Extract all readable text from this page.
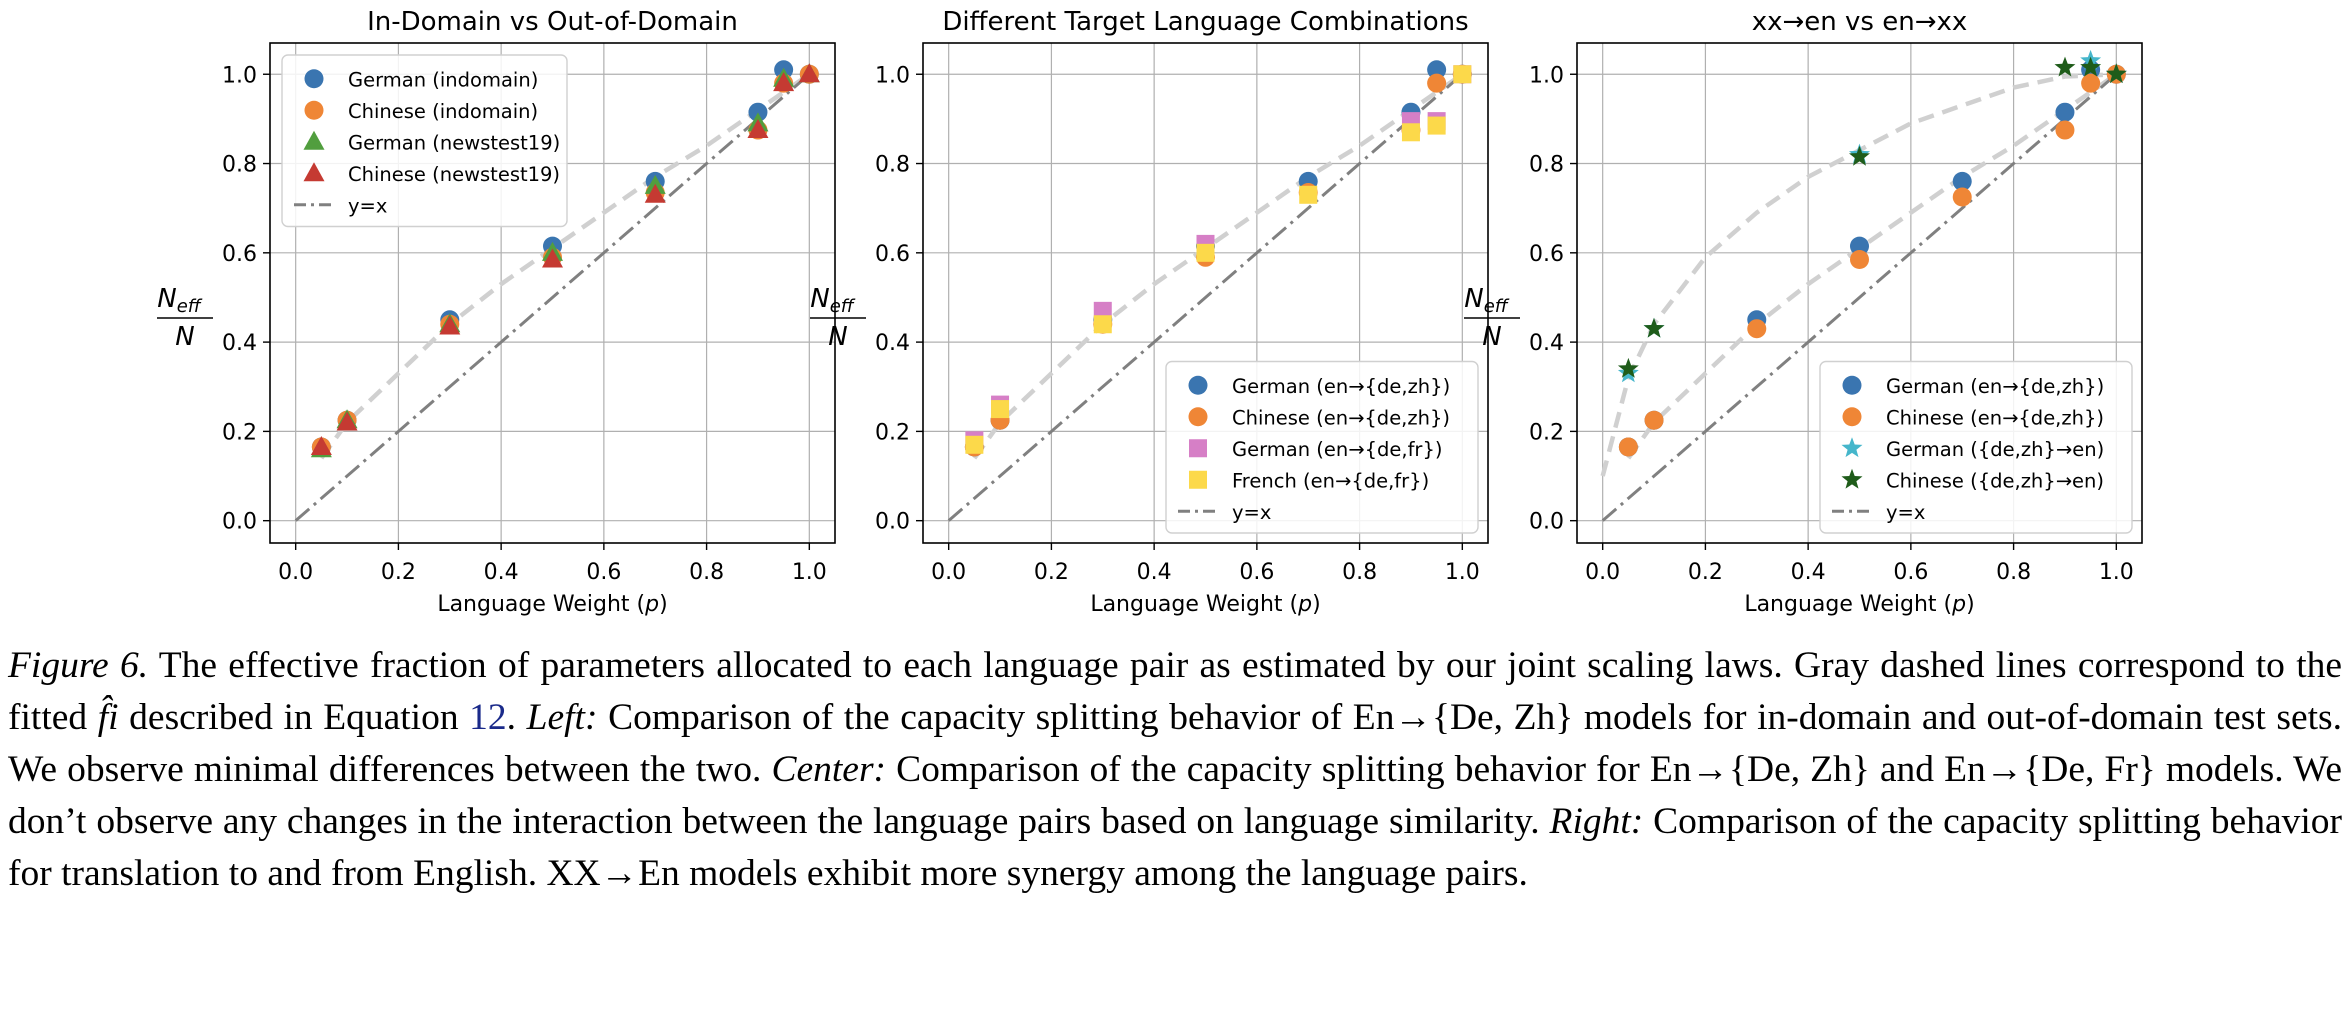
0.0	0.2	0.4	0.6	0.8	1.0
0.0
0.2
0.4
0.6
0.8
1.0
In-Domain vs Out-of-Domain
Language Weight (p)
Neff
N
German (indomain)
Chinese (indomain)
German (newstest19)
Chinese (newstest19)
y=x
0.0	0.2	0.4	0.6	0.8	1.0
0.0
0.2
0.4
0.6
0.8
1.0
Different Target Language Combinations
Language Weight (p)
Neff
N
German (en→{de,zh})
Chinese (en→{de,zh})
German (en→{de,fr})
French (en→{de,fr})
y=x
0.0	0.2	0.4	0.6	0.8	1.0
0.0
0.2
0.4
0.6
0.8
1.0
xx→en vs en→xx
Language Weight (p)
Neff
N
German (en→{de,zh})
Chinese (en→{de,zh})
German ({de,zh}→en)
Chinese ({de,zh}→en)
y=x
Figure 6. The effective fraction of parameters allocated to each language pair as estimated by our joint scaling laws. Gray dashed lines correspond to the fitted f̂i described in Equation 12. Left: Comparison of the capacity splitting behavior of En→{De, Zh} models for in-domain and out-of-domain test sets. We observe minimal differences between the two. Center: Comparison of the capacity splitting behavior for En→{De, Zh} and En→{De, Fr} models. We don’t observe any changes in the interaction between the language pairs based on language similarity. Right: Comparison of the capacity splitting behavior for translation to and from English. XX→En models exhibit more synergy among the language pairs.
